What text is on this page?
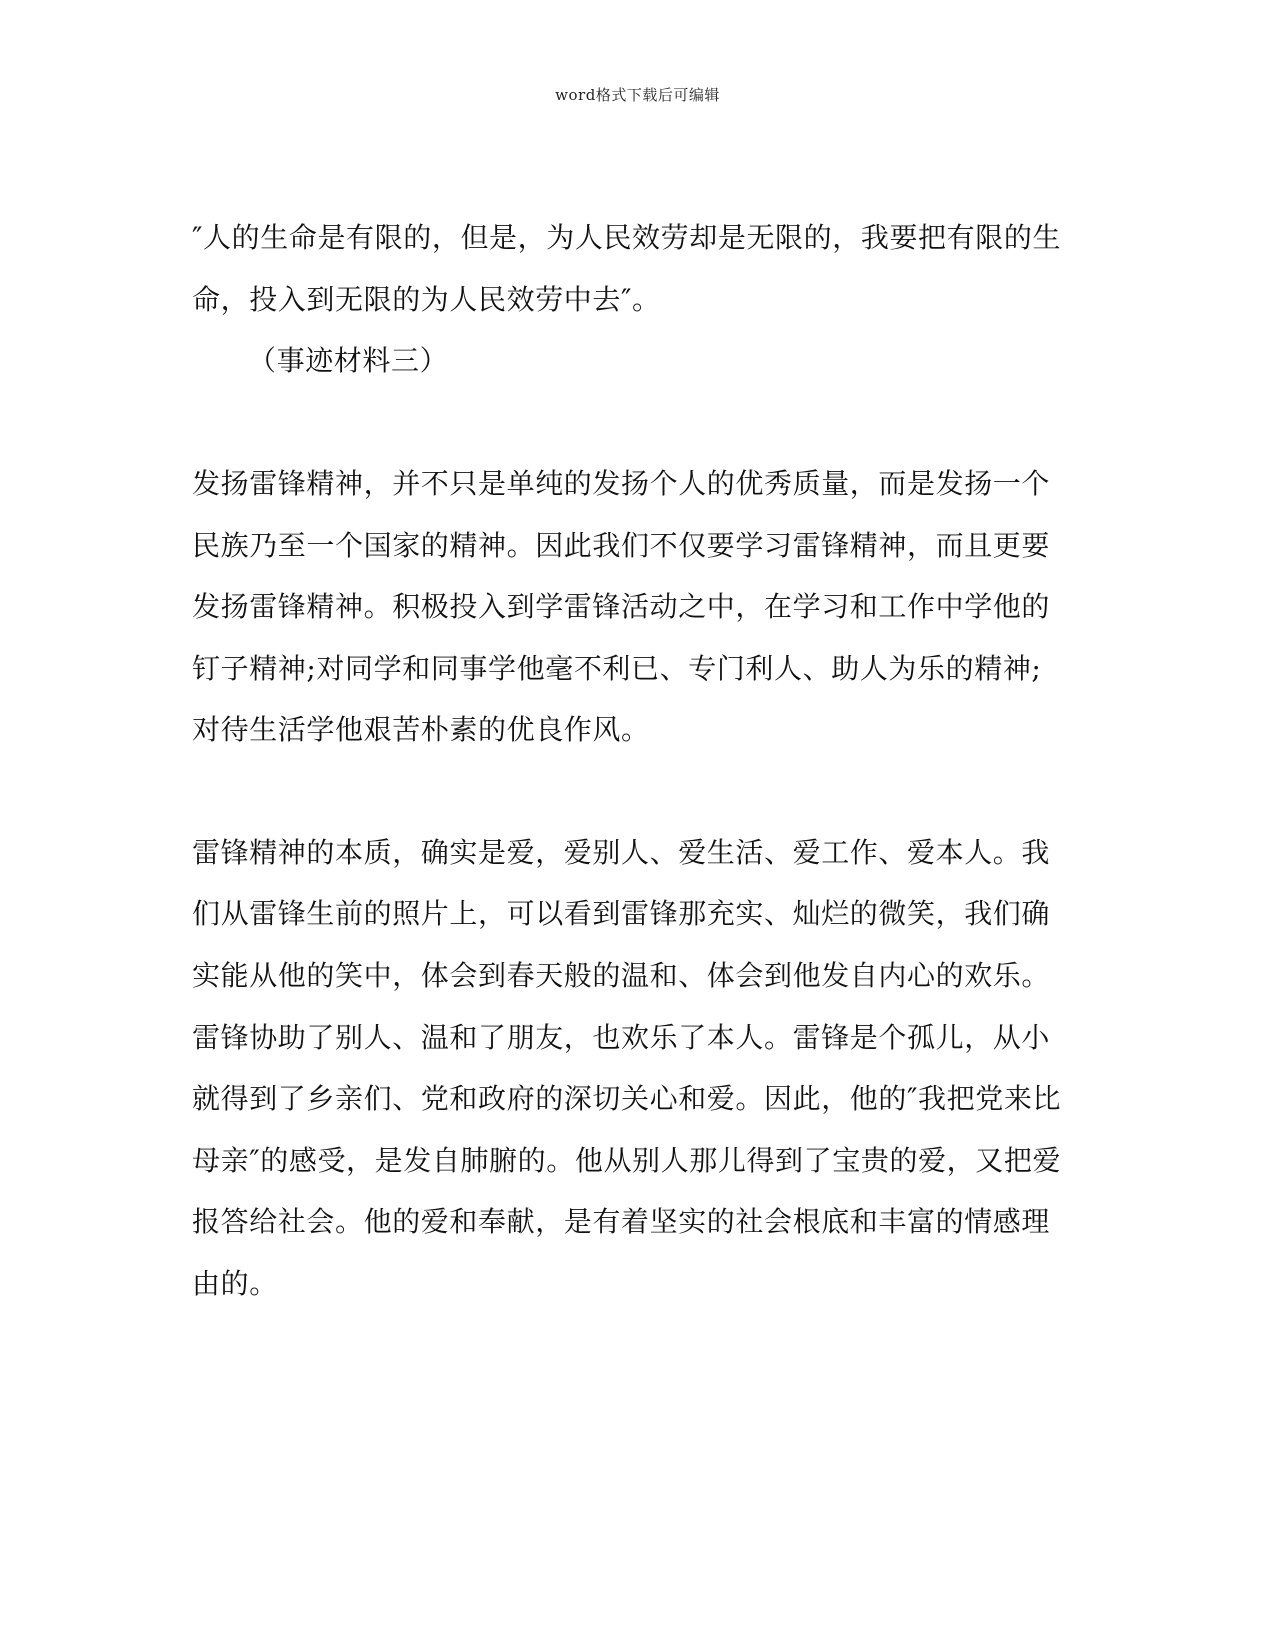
word格式下载后可编辑
″人的生命是有限的，但是，为人民效劳却是无限的，我要把有限的生
命，投入到无限的为人民效劳中去″。
（事迹材料三）
发扬雷锋精神，并不只是单纯的发扬个人的优秀质量，而是发扬一个
民族乃至一个国家的精神。因此我们不仅要学习雷锋精神，而且更要
发扬雷锋精神。积极投入到学雷锋活动之中，在学习和工作中学他的
钉子精神;对同学和同事学他毫不利已、专门利人、助人为乐的精神;
对待生活学他艰苦朴素的优良作风。
雷锋精神的本质，确实是爱，爱别人、爱生活、爱工作、爱本人。我
们从雷锋生前的照片上，可以看到雷锋那充实、灿烂的微笑，我们确
实能从他的笑中，体会到春天般的温和、体会到他发自内心的欢乐。
雷锋协助了别人、温和了朋友，也欢乐了本人。雷锋是个孤儿，从小
就得到了乡亲们、党和政府的深切关心和爱。因此，他的″我把党来比
母亲″的感受，是发自肺腑的。他从别人那儿得到了宝贵的爱，又把爱
报答给社会。他的爱和奉献，是有着坚实的社会根底和丰富的情感理
由的。
